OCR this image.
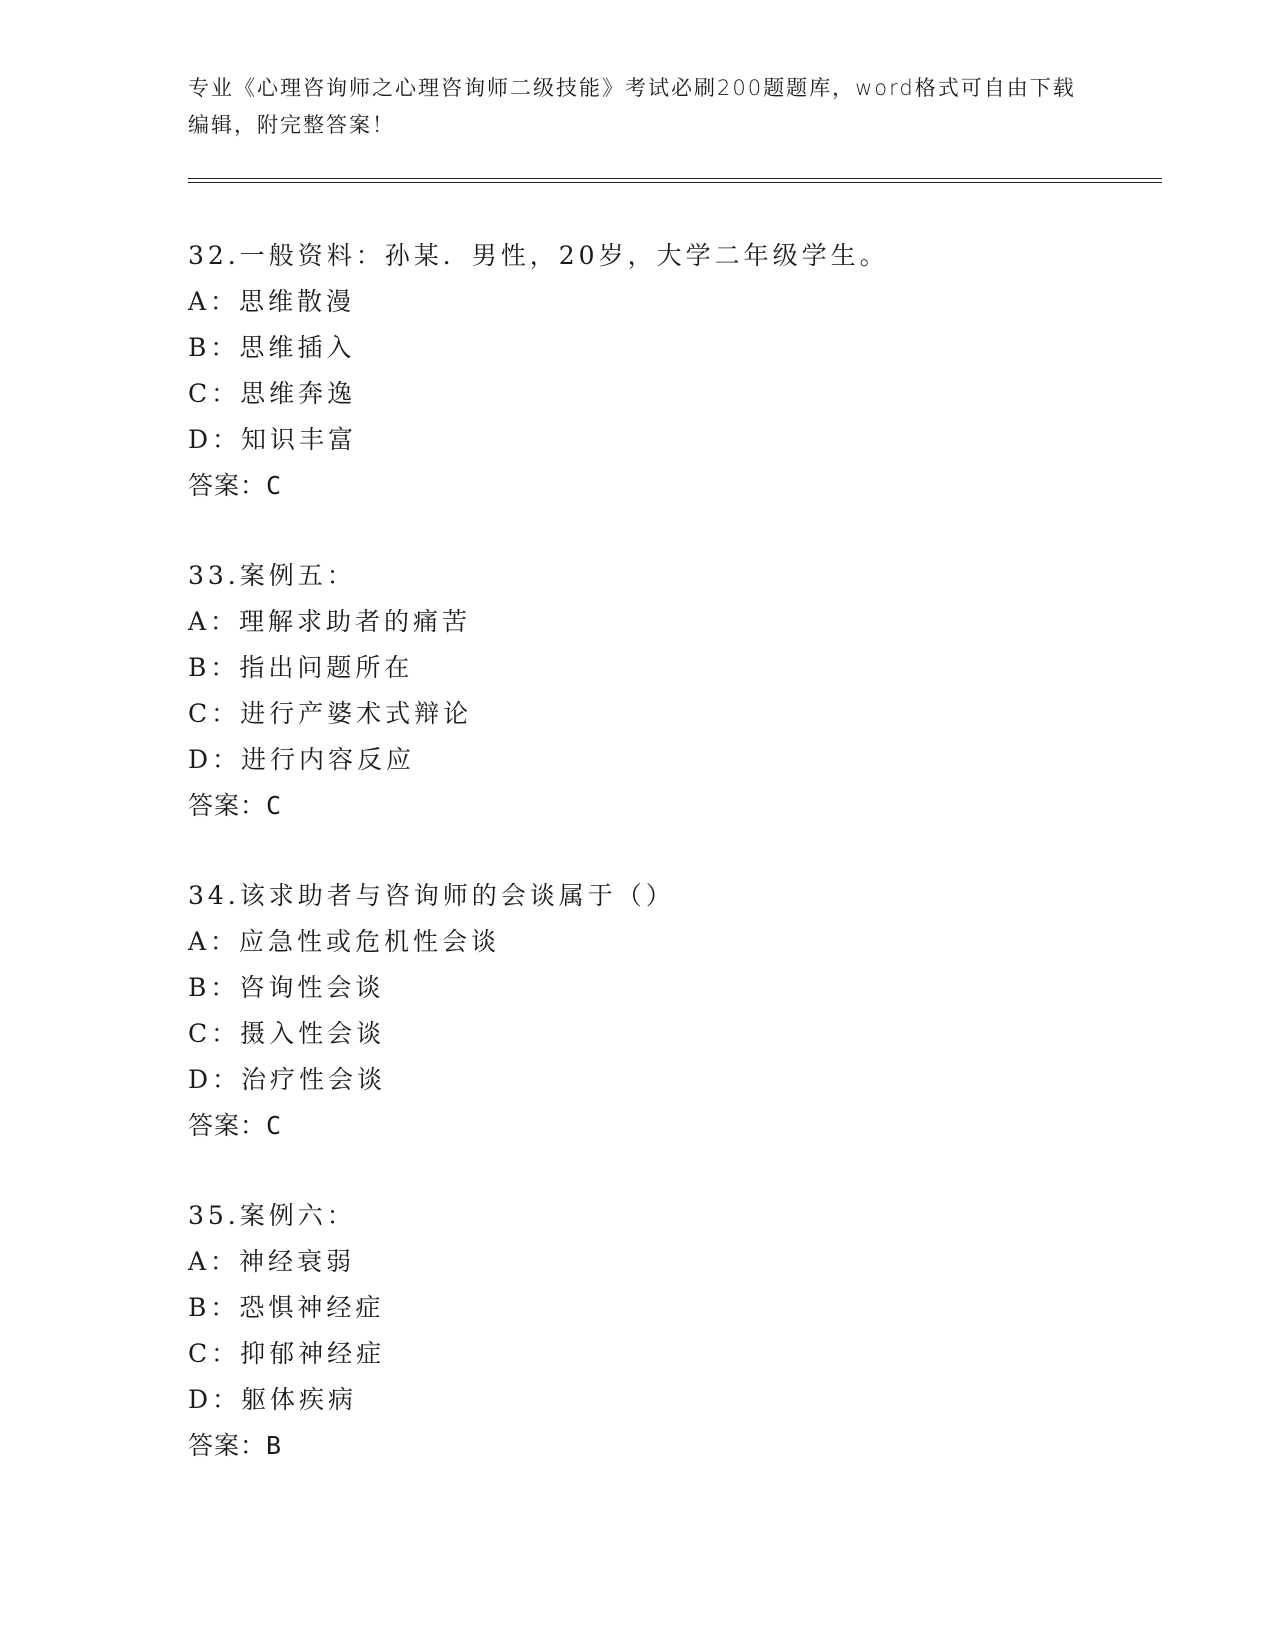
专业《心理咨询师之心理咨询师二级技能》考试必刷200题题库，word格式可自由下载编辑，附完整答案！
32.一般资料：孙某．男性，20岁，大学二年级学生。
A：思维散漫
B：思维插入
C：思维奔逸
D：知识丰富
答案：C
33.案例五：
A：理解求助者的痛苦
B：指出问题所在
C：进行产婆术式辩论
D：进行内容反应
答案：C
34.该求助者与咨询师的会谈属于（）
A：应急性或危机性会谈
B：咨询性会谈
C：摄入性会谈
D：治疗性会谈
答案：C
35.案例六：
A：神经衰弱
B：恐惧神经症
C：抑郁神经症
D：躯体疾病
答案：B
